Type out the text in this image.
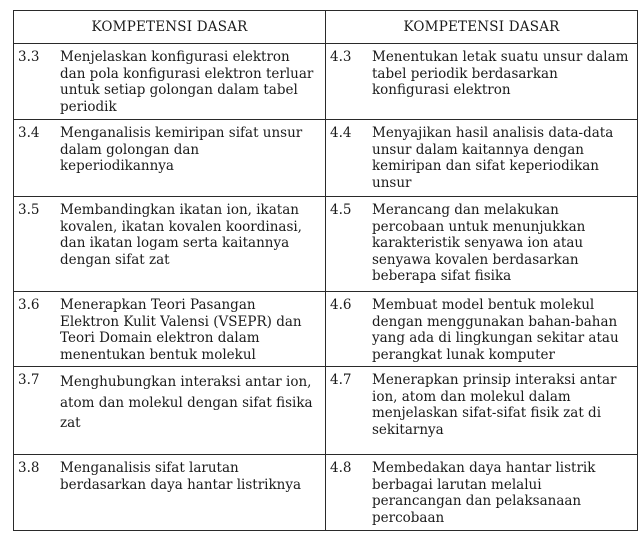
KOMPETENSI DASAR	KOMPETENSI DASAR

3.3 Menjelaskan konfigurasi elektron dan pola konfigurasi elektron terluar untuk setiap golongan dalam tabel periodik	4.3 Menentukan letak suatu unsur dalam tabel periodik berdasarkan konfigurasi elektron

3.4 Menganalisis kemiripan sifat unsur dalam golongan dan keperiodikannya	4.4 Menyajikan hasil analisis data-data unsur dalam kaitannya dengan kemiripan dan sifat keperiodikan unsur

3.5 Membandingkan ikatan ion, ikatan kovalen, ikatan kovalen koordinasi, dan ikatan logam serta kaitannya dengan sifat zat	4.5 Merancang dan melakukan percobaan untuk menunjukkan karakteristik senyawa ion atau senyawa kovalen berdasarkan beberapa sifat fisika

3.6 Menerapkan Teori Pasangan Elektron Kulit Valensi (VSEPR) dan Teori Domain elektron dalam menentukan bentuk molekul	4.6 Membuat model bentuk molekul dengan menggunakan bahan-bahan yang ada di lingkungan sekitar atau perangkat lunak komputer

3.7 Menghubungkan interaksi antar ion, atom dan molekul dengan sifat fisika zat	4.7 Menerapkan prinsip interaksi antar ion, atom dan molekul dalam menjelaskan sifat-sifat fisik zat di sekitarnya

3.8 Menganalisis sifat larutan berdasarkan daya hantar listriknya	4.8 Membedakan daya hantar listrik berbagai larutan melalui perancangan dan pelaksanaan percobaan
